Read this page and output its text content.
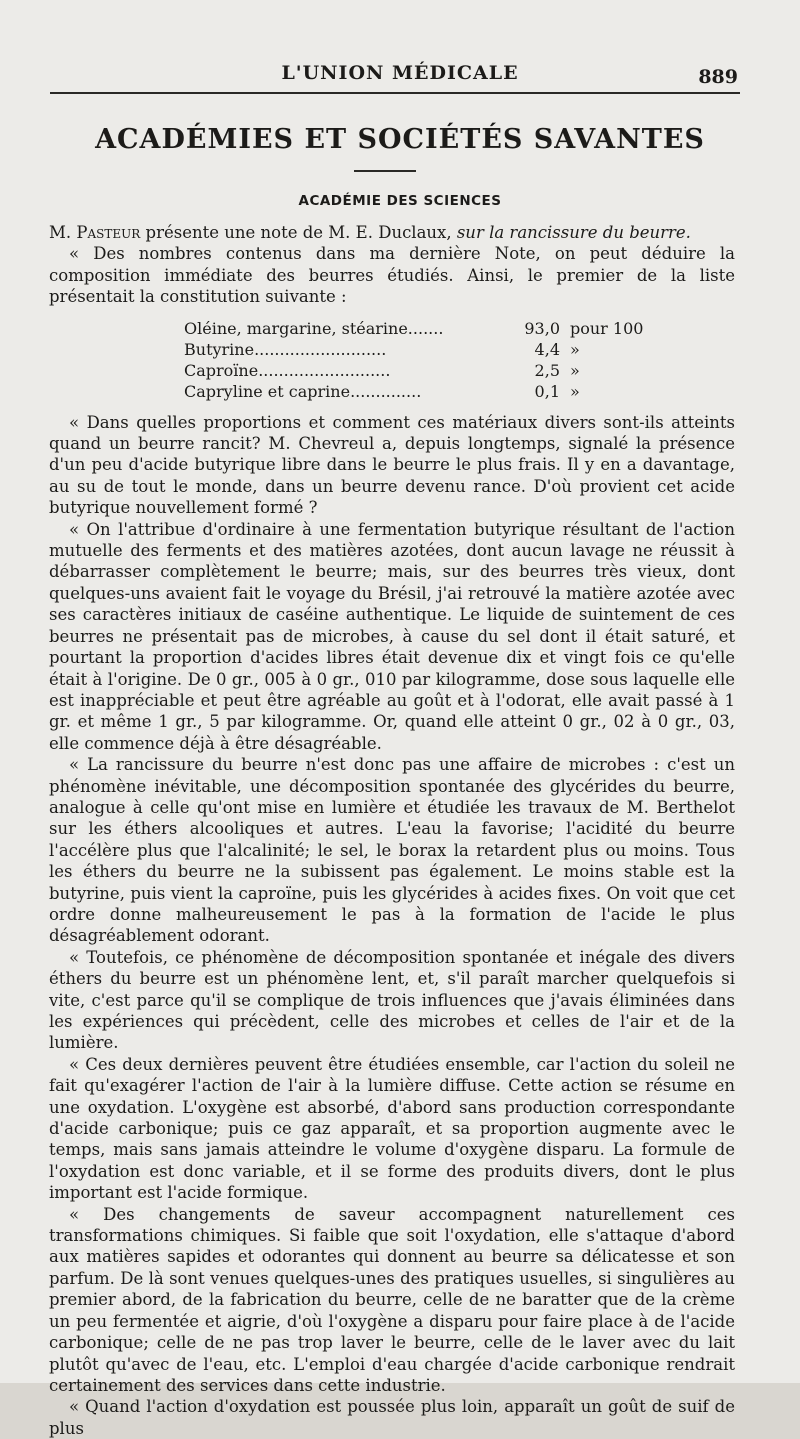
L'UNION MÉDICALE	889
ACADÉMIES ET SOCIÉTÉS SAVANTES
ACADÉMIE DES SCIENCES

M. Pasteur présente une note de M. E. Duclaux, sur la rancissure du beurre.

« Des nombres contenus dans ma dernière Note, on peut déduire la composition immédiate des beurres étudiés. Ainsi, le premier de la liste présentait la constitution suivante :

Oléine, margarine, stéarine.......	93,0 pour 100
Butyrine..........................	4,4 »
Caproïne..........................	2,5 »
Capryline et caprine..............	0,1 »

« Dans quelles proportions et comment ces matériaux divers sont-ils atteints quand un beurre rancit? M. Chevreul a, depuis longtemps, signalé la présence d'un peu d'acide butyrique libre dans le beurre le plus frais. Il y en a davantage, au su de tout le monde, dans un beurre devenu rance. D'où provient cet acide butyrique nouvellement formé ?

« On l'attribue d'ordinaire à une fermentation butyrique résultant de l'action mutuelle des ferments et des matières azotées, dont aucun lavage ne réussit à débarrasser complètement le beurre; mais, sur des beurres très vieux, dont quelques-uns avaient fait le voyage du Brésil, j'ai retrouvé la matière azotée avec ses caractères initiaux de caséine authentique. Le liquide de suintement de ces beurres ne présentait pas de microbes, à cause du sel dont il était saturé, et pourtant la proportion d'acides libres était devenue dix et vingt fois ce qu'elle était à l'origine. De 0 gr., 005 à 0 gr., 010 par kilogramme, dose sous laquelle elle est inappréciable et peut être agréable au goût et à l'odorat, elle avait passé à 1 gr. et même 1 gr., 5 par kilogramme. Or, quand elle atteint 0 gr., 02 à 0 gr., 03, elle commence déjà à être désagréable.

« La rancissure du beurre n'est donc pas une affaire de microbes : c'est un phénomène inévitable, une décomposition spontanée des glycérides du beurre, analogue à celle qu'ont mise en lumière et étudiée les travaux de M. Berthelot sur les éthers alcooliques et autres. L'eau la favorise; l'acidité du beurre l'accélère plus que l'alcalinité; le sel, le borax la retardent plus ou moins. Tous les éthers du beurre ne la subissent pas également. Le moins stable est la butyrine, puis vient la caproïne, puis les glycérides à acides fixes. On voit que cet ordre donne malheureusement le pas à la formation de l'acide le plus désagréablement odorant.

« Toutefois, ce phénomène de décomposition spontanée et inégale des divers éthers du beurre est un phénomène lent, et, s'il paraît marcher quelquefois si vite, c'est parce qu'il se complique de trois influences que j'avais éliminées dans les expériences qui précèdent, celle des microbes et celles de l'air et de la lumière.

« Ces deux dernières peuvent être étudiées ensemble, car l'action du soleil ne fait qu'exagérer l'action de l'air à la lumière diffuse. Cette action se résume en une oxydation. L'oxygène est absorbé, d'abord sans production correspondante d'acide carbonique; puis ce gaz apparaît, et sa proportion augmente avec le temps, mais sans jamais atteindre le volume d'oxygène disparu. La formule de l'oxydation est donc variable, et il se forme des produits divers, dont le plus important est l'acide formique.

« Des changements de saveur accompagnent naturellement ces transformations chimiques. Si faible que soit l'oxydation, elle s'attaque d'abord aux matières sapides et odorantes qui donnent au beurre sa délicatesse et son parfum. De là sont venues quelques-unes des pratiques usuelles, si singulières au premier abord, de la fabrication du beurre, celle de ne baratter que de la crème un peu fermentée et aigrie, d'où l'oxygène a disparu pour faire place à de l'acide carbonique; celle de ne pas trop laver le beurre, celle de le laver avec du lait plutôt qu'avec de l'eau, etc. L'emploi d'eau chargée d'acide carbonique rendrait certainement des services dans cette industrie.

« Quand l'action d'oxydation est poussée plus loin, apparaît un goût de suif de plus
